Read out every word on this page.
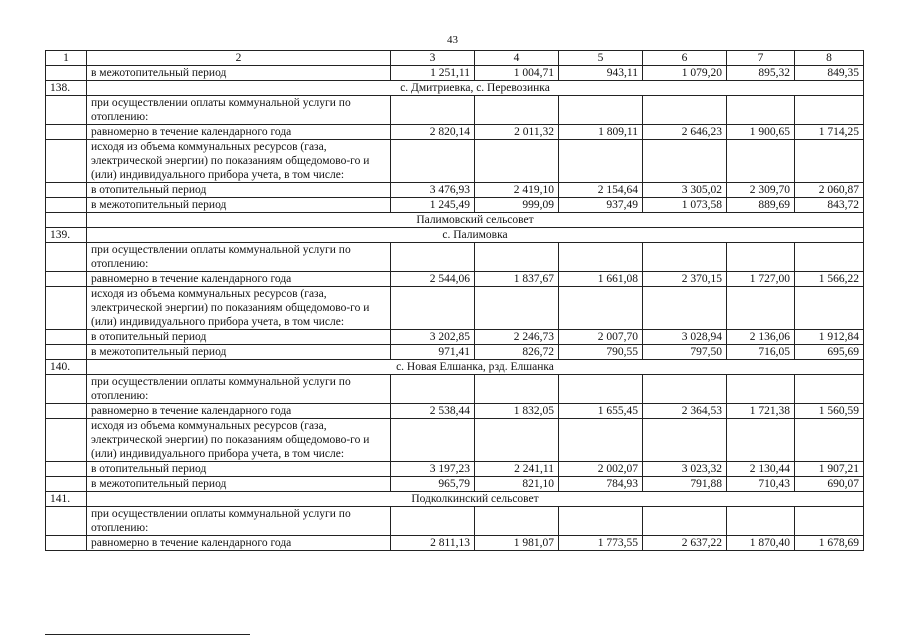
43
1	2	3	4	5	6	7	8
	в межотопительный период	1 251,11	1 004,71	943,11	1 079,20	895,32	849,35
138.	с. Дмитриевка, с. Перевозинка						
	при осуществлении оплаты коммунальной услуги по отоплению:						
	равномерно в течение календарного года	2 820,14	2 011,32	1 809,11	2 646,23	1 900,65	1 714,25
	исходя из объема коммунальных ресурсов (газа, электрической энергии) по показаниям общедомово-го и (или) индивидуального прибора учета, в том числе:						
	в отопительный период	3 476,93	2 419,10	2 154,64	3 305,02	2 309,70	2 060,87
	в межотопительный период	1 245,49	999,09	937,49	1 073,58	889,69	843,72
	Палимовский сельсовет						
139.	с. Палимовка						
	при осуществлении оплаты коммунальной услуги по отоплению:						
	равномерно в течение календарного года	2 544,06	1 837,67	1 661,08	2 370,15	1 727,00	1 566,22
	исходя из объема коммунальных ресурсов (газа, электрической энергии) по показаниям общедомово-го и (или) индивидуального прибора учета, в том числе:						
	в отопительный период	3 202,85	2 246,73	2 007,70	3 028,94	2 136,06	1 912,84
	в межотопительный период	971,41	826,72	790,55	797,50	716,05	695,69
140.	с. Новая Елшанка, рзд. Елшанка						
	при осуществлении оплаты коммунальной услуги по отоплению:						
	равномерно в течение календарного года	2 538,44	1 832,05	1 655,45	2 364,53	1 721,38	1 560,59
	исходя из объема коммунальных ресурсов (газа, электрической энергии) по показаниям общедомово-го и (или) индивидуального прибора учета, в том числе:						
	в отопительный период	3 197,23	2 241,11	2 002,07	3 023,32	2 130,44	1 907,21
	в межотопительный период	965,79	821,10	784,93	791,88	710,43	690,07
141.	Подколкинский сельсовет						
	при осуществлении оплаты коммунальной услуги по отоплению:						
	равномерно в течение календарного года	2 811,13	1 981,07	1 773,55	2 637,22	1 870,40	1 678,69
